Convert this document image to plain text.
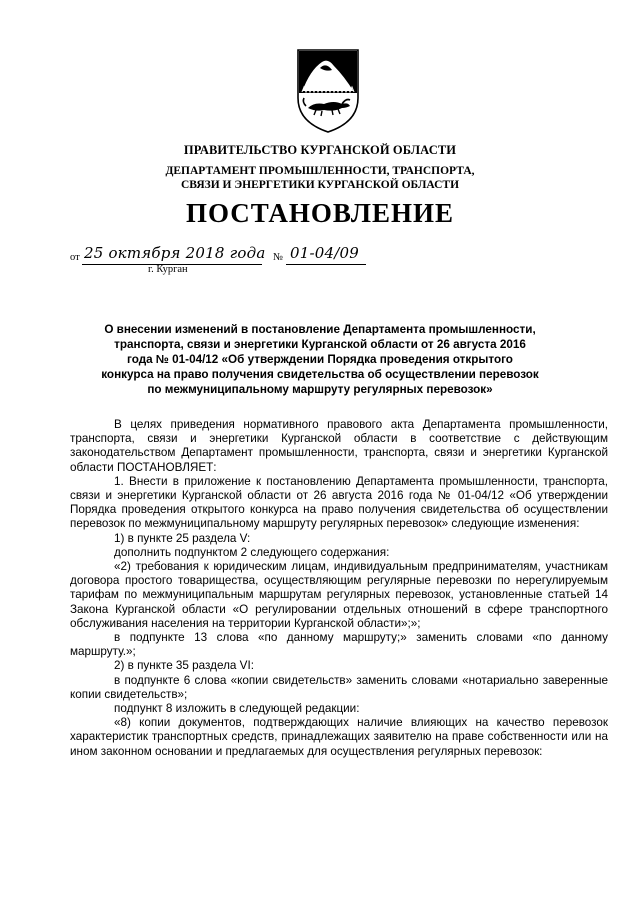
ПРАВИТЕЛЬСТВО КУРГАНСКОЙ ОБЛАСТИ
ДЕПАРТАМЕНТ ПРОМЫШЛЕННОСТИ, ТРАНСПОРТА, СВЯЗИ И ЭНЕРГЕТИКИ КУРГАНСКОЙ ОБЛАСТИ
ПОСТАНОВЛЕНИЕ
от 25 октября 2018 года № 01-04/09
г. Курган
О внесении изменений в постановление Департамента промышленности, транспорта, связи и энергетики Курганской области от 26 августа 2016 года № 01-04/12 «Об утверждении Порядка проведения открытого конкурса на право получения свидетельства об осуществлении перевозок по межмуниципальному маршруту регулярных перевозок»

В целях приведения нормативного правового акта Департамента промышленности, транспорта, связи и энергетики Курганской области в соответствие с действующим законодательством Департамент промышленности, транспорта, связи и энергетики Курганской области ПОСТАНОВЛЯЕТ:

1. Внести в приложение к постановлению Департамента промышленности, транспорта, связи и энергетики Курганской области от 26 августа 2016 года № 01-04/12 «Об утверждении Порядка проведения открытого конкурса на право получения свидетельства об осуществлении перевозок по межмуниципальному маршруту регулярных перевозок» следующие изменения:

1) в пункте 25 раздела V:

дополнить подпунктом 2 следующего содержания:

«2) требования к юридическим лицам, индивидуальным предпринимателям, участникам договора простого товарищества, осуществляющим регулярные перевозки по нерегулируемым тарифам по межмуниципальным маршрутам регулярных перевозок, установленные статьей 14 Закона Курганской области «О регулировании отдельных отношений в сфере транспортного обслуживания населения на территории Курганской области»;»;

в подпункте 13 слова «по данному маршруту;» заменить словами «по данному маршруту.»;

2) в пункте 35 раздела VI:

в подпункте 6 слова «копии свидетельств» заменить словами «нотариально заверенные копии свидетельств»;

подпункт 8 изложить в следующей редакции:

«8) копии документов, подтверждающих наличие влияющих на качество перевозок характеристик транспортных средств, принадлежащих заявителю на праве собственности или на ином законном основании и предлагаемых для осуществления регулярных перевозок:
